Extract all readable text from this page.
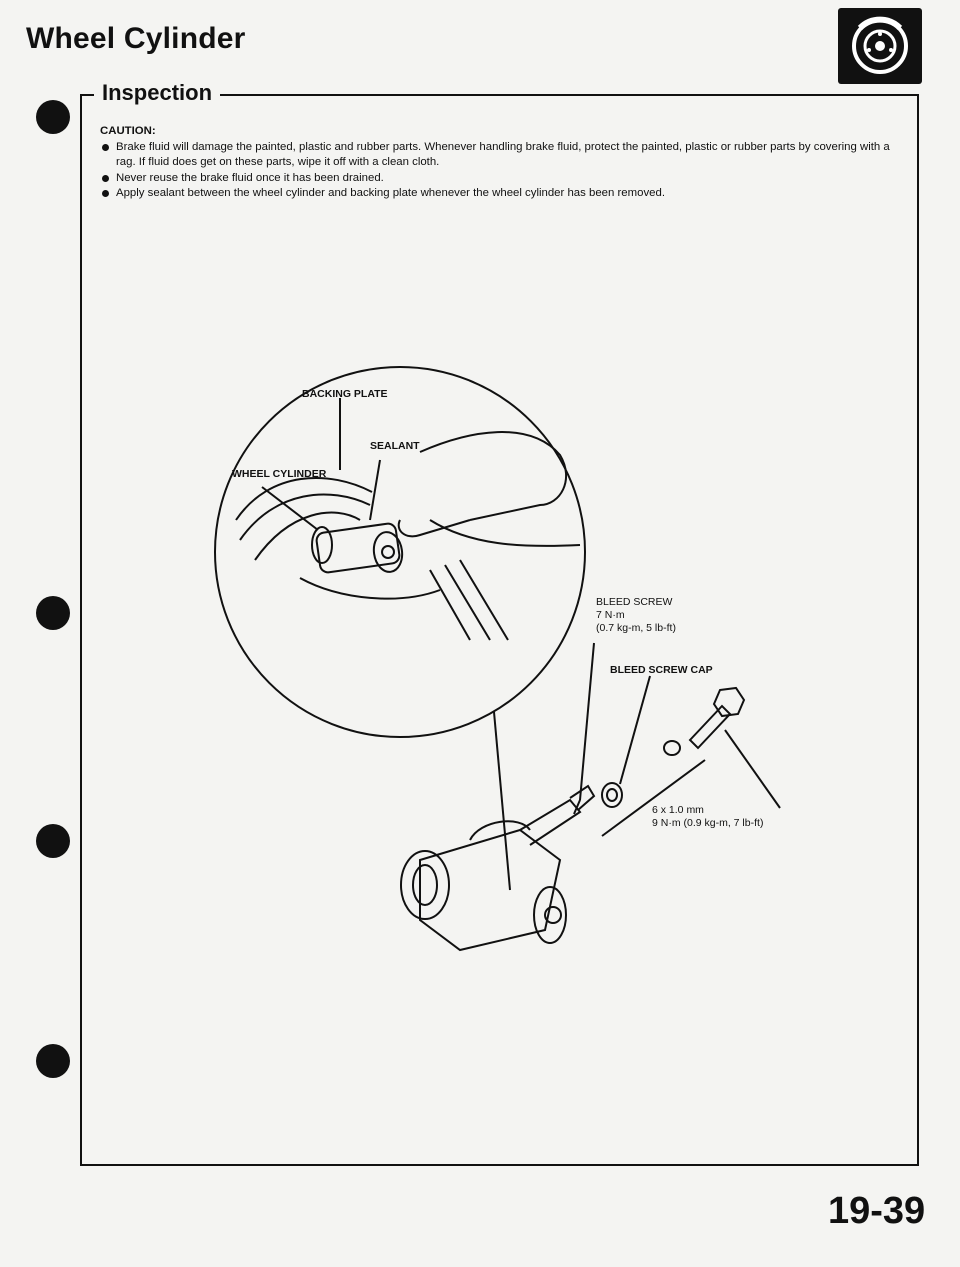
Wheel Cylinder
Inspection
CAUTION:
Brake fluid will damage the painted, plastic and rubber parts. Whenever handling brake fluid, protect the painted, plastic or rubber parts by covering with a rag. If fluid does get on these parts, wipe it off with a clean cloth.
Never reuse the brake fluid once it has been drained.
Apply sealant between the wheel cylinder and backing plate whenever the wheel cylinder has been removed.
BACKING PLATE
SEALANT
WHEEL CYLINDER
BLEED SCREW
7 N·m
(0.7 kg-m, 5 lb-ft)
BLEED SCREW CAP
6 x 1.0 mm
9 N·m (0.9 kg-m, 7 lb-ft)
19-39
